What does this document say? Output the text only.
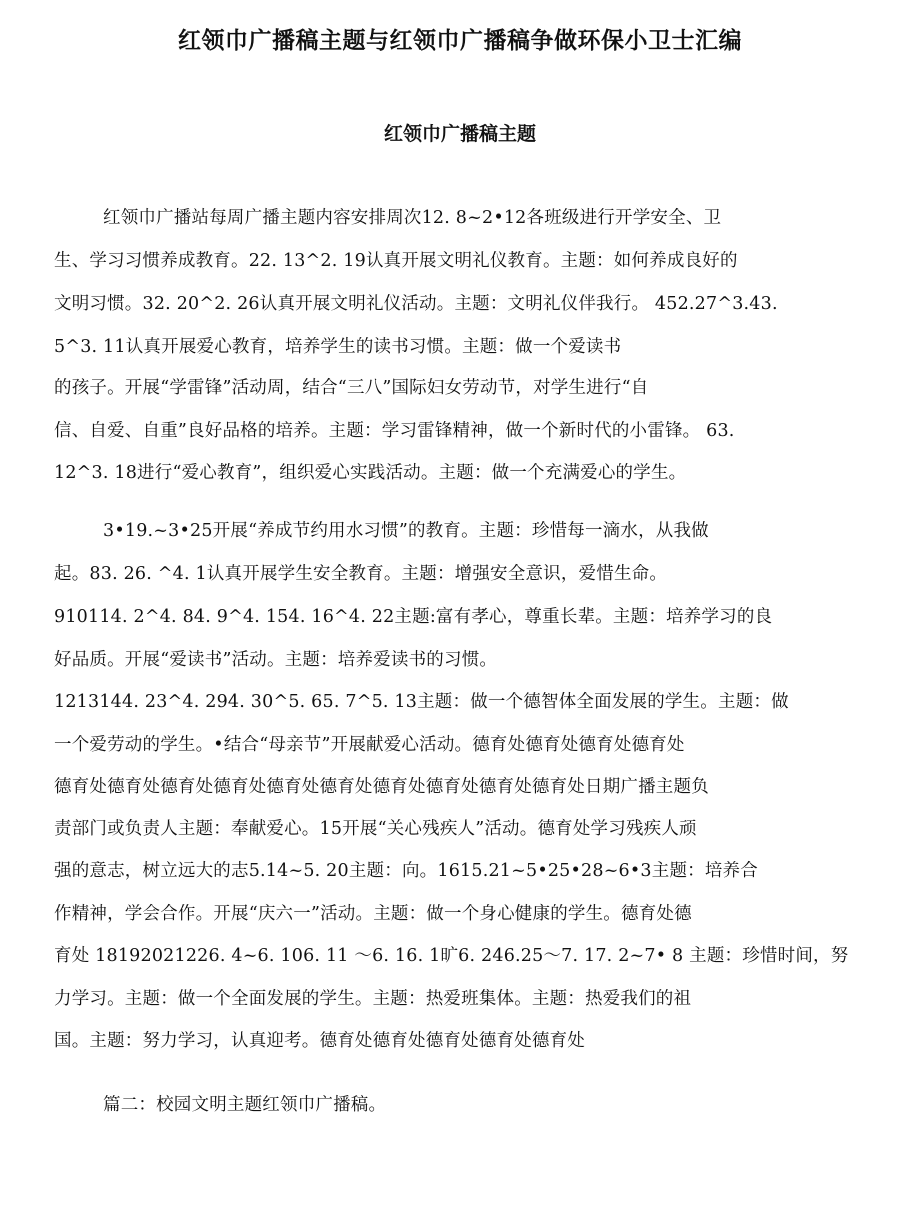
红领巾广播稿主题与红领巾广播稿争做环保小卫士汇编
红领巾广播稿主题
红领巾广播站每周广播主题内容安排周次12. 8~2•12各班级进行开学安全、卫
生、学习习惯养成教育。22. 13^2. 19认真开展文明礼仪教育。主题：如何养成良好的
文明习惯。32. 20^2. 26认真开展文明礼仪活动。主题：文明礼仪伴我行。 452.27^3.43.
5^3. 11认真开展爱心教育，培养学生的读书习惯。主题：做一个爱读书
的孩子。开展“学雷锋”活动周，结合“三八”国际妇女劳动节，对学生进行“自
信、自爱、自重”良好品格的培养。主题：学习雷锋精神，做一个新时代的小雷锋。 63.
12^3. 18进行“爱心教育”，组织爱心实践活动。主题：做一个充满爱心的学生。
3•19.~3•25开展“养成节约用水习惯”的教育。主题：珍惜每一滴水，从我做
起。83. 26. ^4. 1认真开展学生安全教育。主题：增强安全意识，爱惜生命。
910114. 2^4. 84. 9^4. 154. 16^4. 22主题:富有孝心，尊重长辈。主题：培养学习的良
好品质。开展“爱读书”活动。主题：培养爱读书的习惯。
1213144. 23^4. 294. 30^5. 65. 7^5. 13主题：做一个德智体全面发展的学生。主题：做
一个爱劳动的学生。•结合“母亲节”开展献爱心活动。德育处德育处德育处德育处
德育处德育处德育处德育处德育处德育处德育处德育处德育处德育处日期广播主题负
责部门或负责人主题：奉献爱心。15开展“关心残疾人”活动。德育处学习残疾人顽
强的意志，树立远大的志5.14~5. 20主题：向。1615.21~5•25•28~6•3主题：培养合
作精神，学会合作。开展“庆六一”活动。主题：做一个身心健康的学生。德育处德
育处 18192021226. 4~6. 106. 11 〜6. 16. 1旷6. 246.25〜7. 17. 2~7• 8 主题：珍惜时间，努
力学习。主题：做一个全面发展的学生。主题：热爱班集体。主题：热爱我们的祖
国。主题：努力学习，认真迎考。德育处德育处德育处德育处德育处
篇二：校园文明主题红领巾广播稿。
